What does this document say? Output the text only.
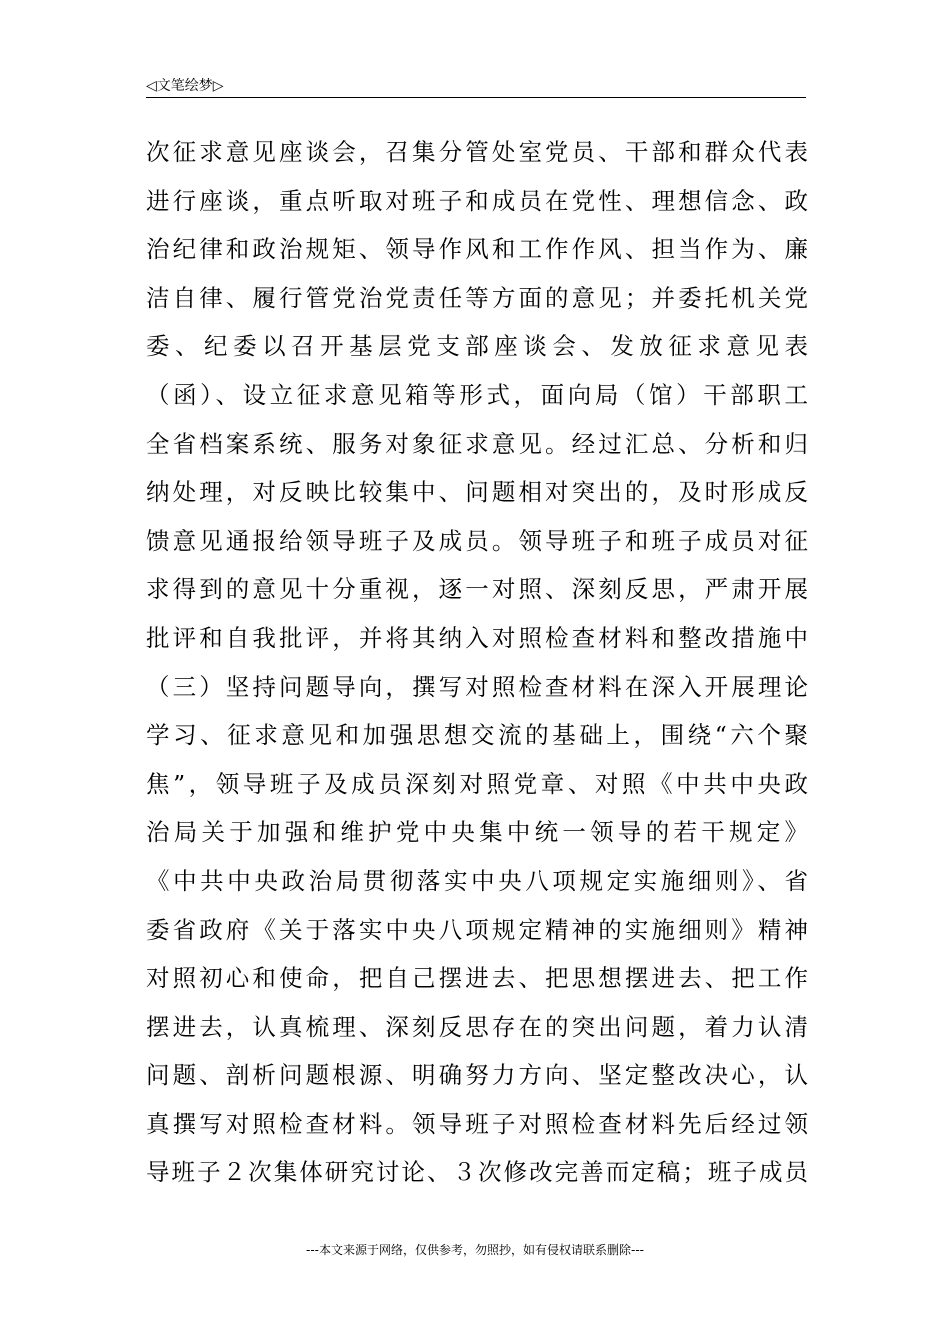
◁文笔绘梦▷
次征求意见座谈会，召集分管处室党员、干部和群众代表
进行座谈，重点听取对班子和成员在党性、理想信念、政
治纪律和政治规矩、领导作风和工作作风、担当作为、廉
洁自律、履行管党治党责任等方面的意见；并委托机关党
委、纪委以召开基层党支部座谈会、发放征求意见表
（函）、设立征求意见箱等形式，面向局（馆）干部职工
全省档案系统、服务对象征求意见。经过汇总、分析和归
纳处理，对反映比较集中、问题相对突出的，及时形成反
馈意见通报给领导班子及成员。领导班子和班子成员对征
求得到的意见十分重视，逐一对照、深刻反思，严肃开展
批评和自我批评，并将其纳入对照检查材料和整改措施中
（三）坚持问题导向，撰写对照检查材料在深入开展理论
学习、征求意见和加强思想交流的基础上，围绕“六个聚
焦”，领导班子及成员深刻对照党章、对照《中共中央政
治局关于加强和维护党中央集中统一领导的若干规定》
《中共中央政治局贯彻落实中央八项规定实施细则》、省
委省政府《关于落实中央八项规定精神的实施细则》精神
对照初心和使命，把自己摆进去、把思想摆进去、把工作
摆进去，认真梳理、深刻反思存在的突出问题，着力认清
问题、剖析问题根源、明确努力方向、坚定整改决心，认
真撰写对照检查材料。领导班子对照检查材料先后经过领
导班子２次集体研究讨论、３次修改完善而定稿；班子成员
---本文来源于网络，仅供参考，勿照抄，如有侵权请联系删除---
